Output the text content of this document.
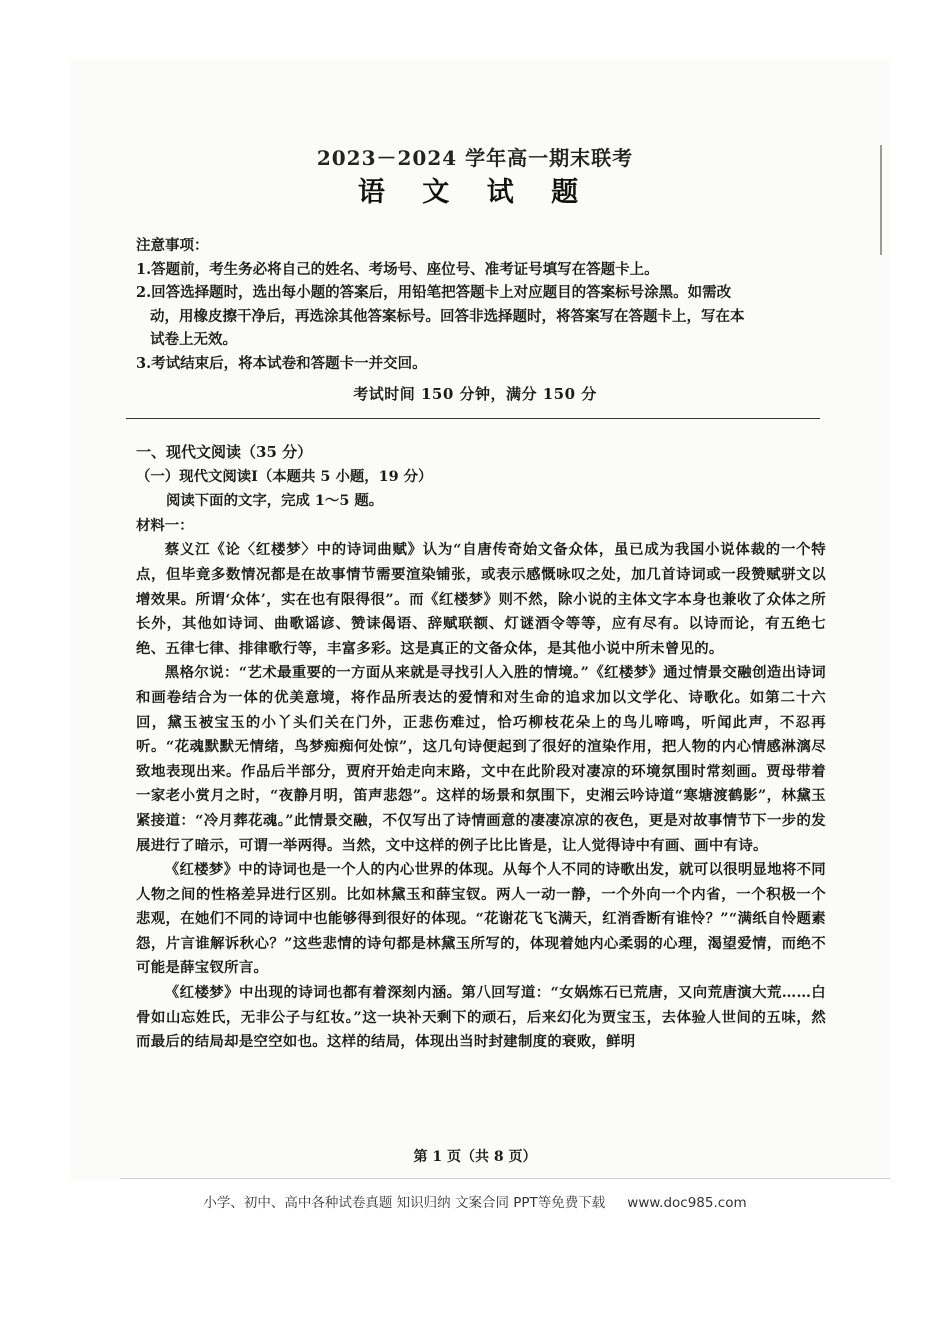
2023－2024 学年高一期末联考
语 文 试 题
注意事项：
1.答题前，考生务必将自己的姓名、考场号、座位号、准考证号填写在答题卡上。
2.回答选择题时，选出每小题的答案后，用铅笔把答题卡上对应题目的答案标号涂黑。如需改
动，用橡皮擦干净后，再选涂其他答案标号。回答非选择题时，将答案写在答题卡上，写在本
试卷上无效。
3.考试结束后，将本试卷和答题卡一并交回。
考试时间 150 分钟，满分 150 分
一、现代文阅读（35 分）
（一）现代文阅读Ⅰ（本题共 5 小题，19 分）
阅读下面的文字，完成 1～5 题。
材料一：

蔡义江《论〈红楼梦〉中的诗词曲赋》认为“自唐传奇始文备众体，虽已成为我国小说体裁的一个特点，但毕竟多数情况都是在故事情节需要渲染铺张，或表示感慨咏叹之处，加几首诗词或一段赞赋骈文以增效果。所谓‘众体’，实在也有限得很”。而《红楼梦》则不然，除小说的主体文字本身也兼收了众体之所长外，其他如诗词、曲歌谣谚、赞诔偈语、辞赋联额、灯谜酒令等等，应有尽有。以诗而论，有五绝七绝、五律七律、排律歌行等，丰富多彩。这是真正的文备众体，是其他小说中所未曾见的。

黑格尔说：“艺术最重要的一方面从来就是寻找引人入胜的情境。”《红楼梦》通过情景交融创造出诗词和画卷结合为一体的优美意境，将作品所表达的爱情和对生命的追求加以文学化、诗歌化。如第二十六回，黛玉被宝玉的小丫头们关在门外，正悲伤难过，恰巧柳枝花朵上的鸟儿啼鸣，听闻此声，不忍再听。“花魂默默无情绪，鸟梦痴痴何处惊”，这几句诗便起到了很好的渲染作用，把人物的内心情感淋漓尽致地表现出来。作品后半部分，贾府开始走向末路，文中在此阶段对凄凉的环境氛围时常刻画。贾母带着一家老小赏月之时，“夜静月明，笛声悲怨”。这样的场景和氛围下，史湘云吟诗道“寒塘渡鹤影”，林黛玉紧接道：“冷月葬花魂。”此情景交融，不仅写出了诗情画意的凄凄凉凉的夜色，更是对故事情节下一步的发展进行了暗示，可谓一举两得。当然，文中这样的例子比比皆是，让人觉得诗中有画、画中有诗。

《红楼梦》中的诗词也是一个人的内心世界的体现。从每个人不同的诗歌出发，就可以很明显地将不同人物之间的性格差异进行区别。比如林黛玉和薛宝钗。两人一动一静，一个外向一个内省，一个积极一个悲观，在她们不同的诗词中也能够得到很好的体现。“花谢花飞飞满天，红消香断有谁怜？”“满纸自怜题素怨，片言谁解诉秋心？”这些悲情的诗句都是林黛玉所写的，体现着她内心柔弱的心理，渴望爱情，而绝不可能是薛宝钗所言。

《红楼梦》中出现的诗词也都有着深刻内涵。第八回写道：“女娲炼石已荒唐，又向荒唐演大荒……白骨如山忘姓氏，无非公子与红妆。”这一块补天剩下的顽石，后来幻化为贾宝玉，去体验人世间的五味，然而最后的结局却是空空如也。这样的结局，体现出当时封建制度的衰败，鲜明

第 1 页（共 8 页）
小学、初中、高中各种试卷真题 知识归纳 文案合同 PPT等免费下载 www.doc985.com
